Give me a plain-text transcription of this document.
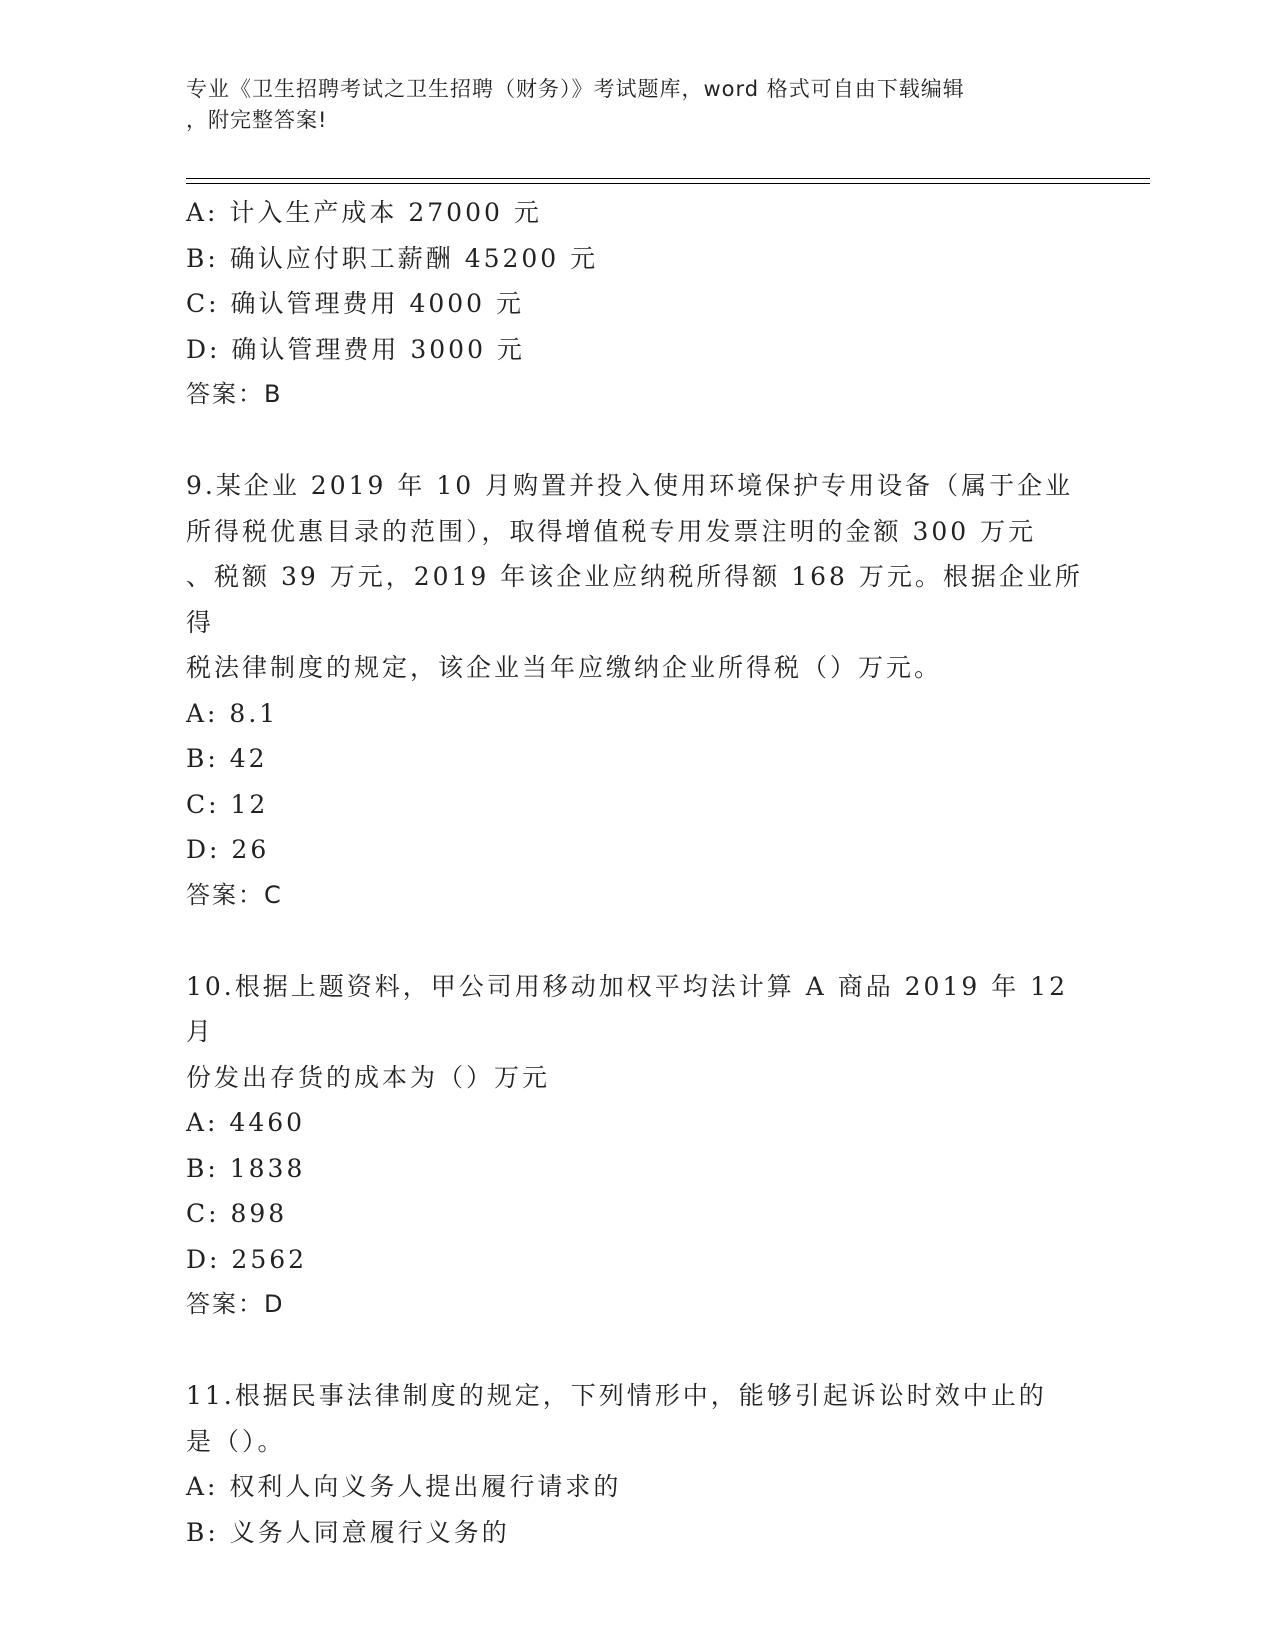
专业《卫生招聘考试之卫生招聘（财务）》考试题库，word 格式可自由下载编辑
，附完整答案!
A: 计入生产成本 27000 元
B: 确认应付职工薪酬 45200 元
C: 确认管理费用 4000 元
D: 确认管理费用 3000 元
答案：B
9.某企业 2019 年 10 月购置并投入使用环境保护专用设备（属于企业
所得税优惠目录的范围），取得增值税专用发票注明的金额 300 万元
、税额 39 万元，2019 年该企业应纳税所得额 168 万元。根据企业所得
税法律制度的规定，该企业当年应缴纳企业所得税（）万元。
A: 8.1
B: 42
C: 12
D: 26
答案：C
10.根据上题资料，甲公司用移动加权平均法计算 A 商品 2019 年 12 月
份发出存货的成本为（）万元
A: 4460
B: 1838
C: 898
D: 2562
答案：D
11.根据民事法律制度的规定，下列情形中，能够引起诉讼时效中止的
是（）。
A: 权利人向义务人提出履行请求的
B: 义务人同意履行义务的
